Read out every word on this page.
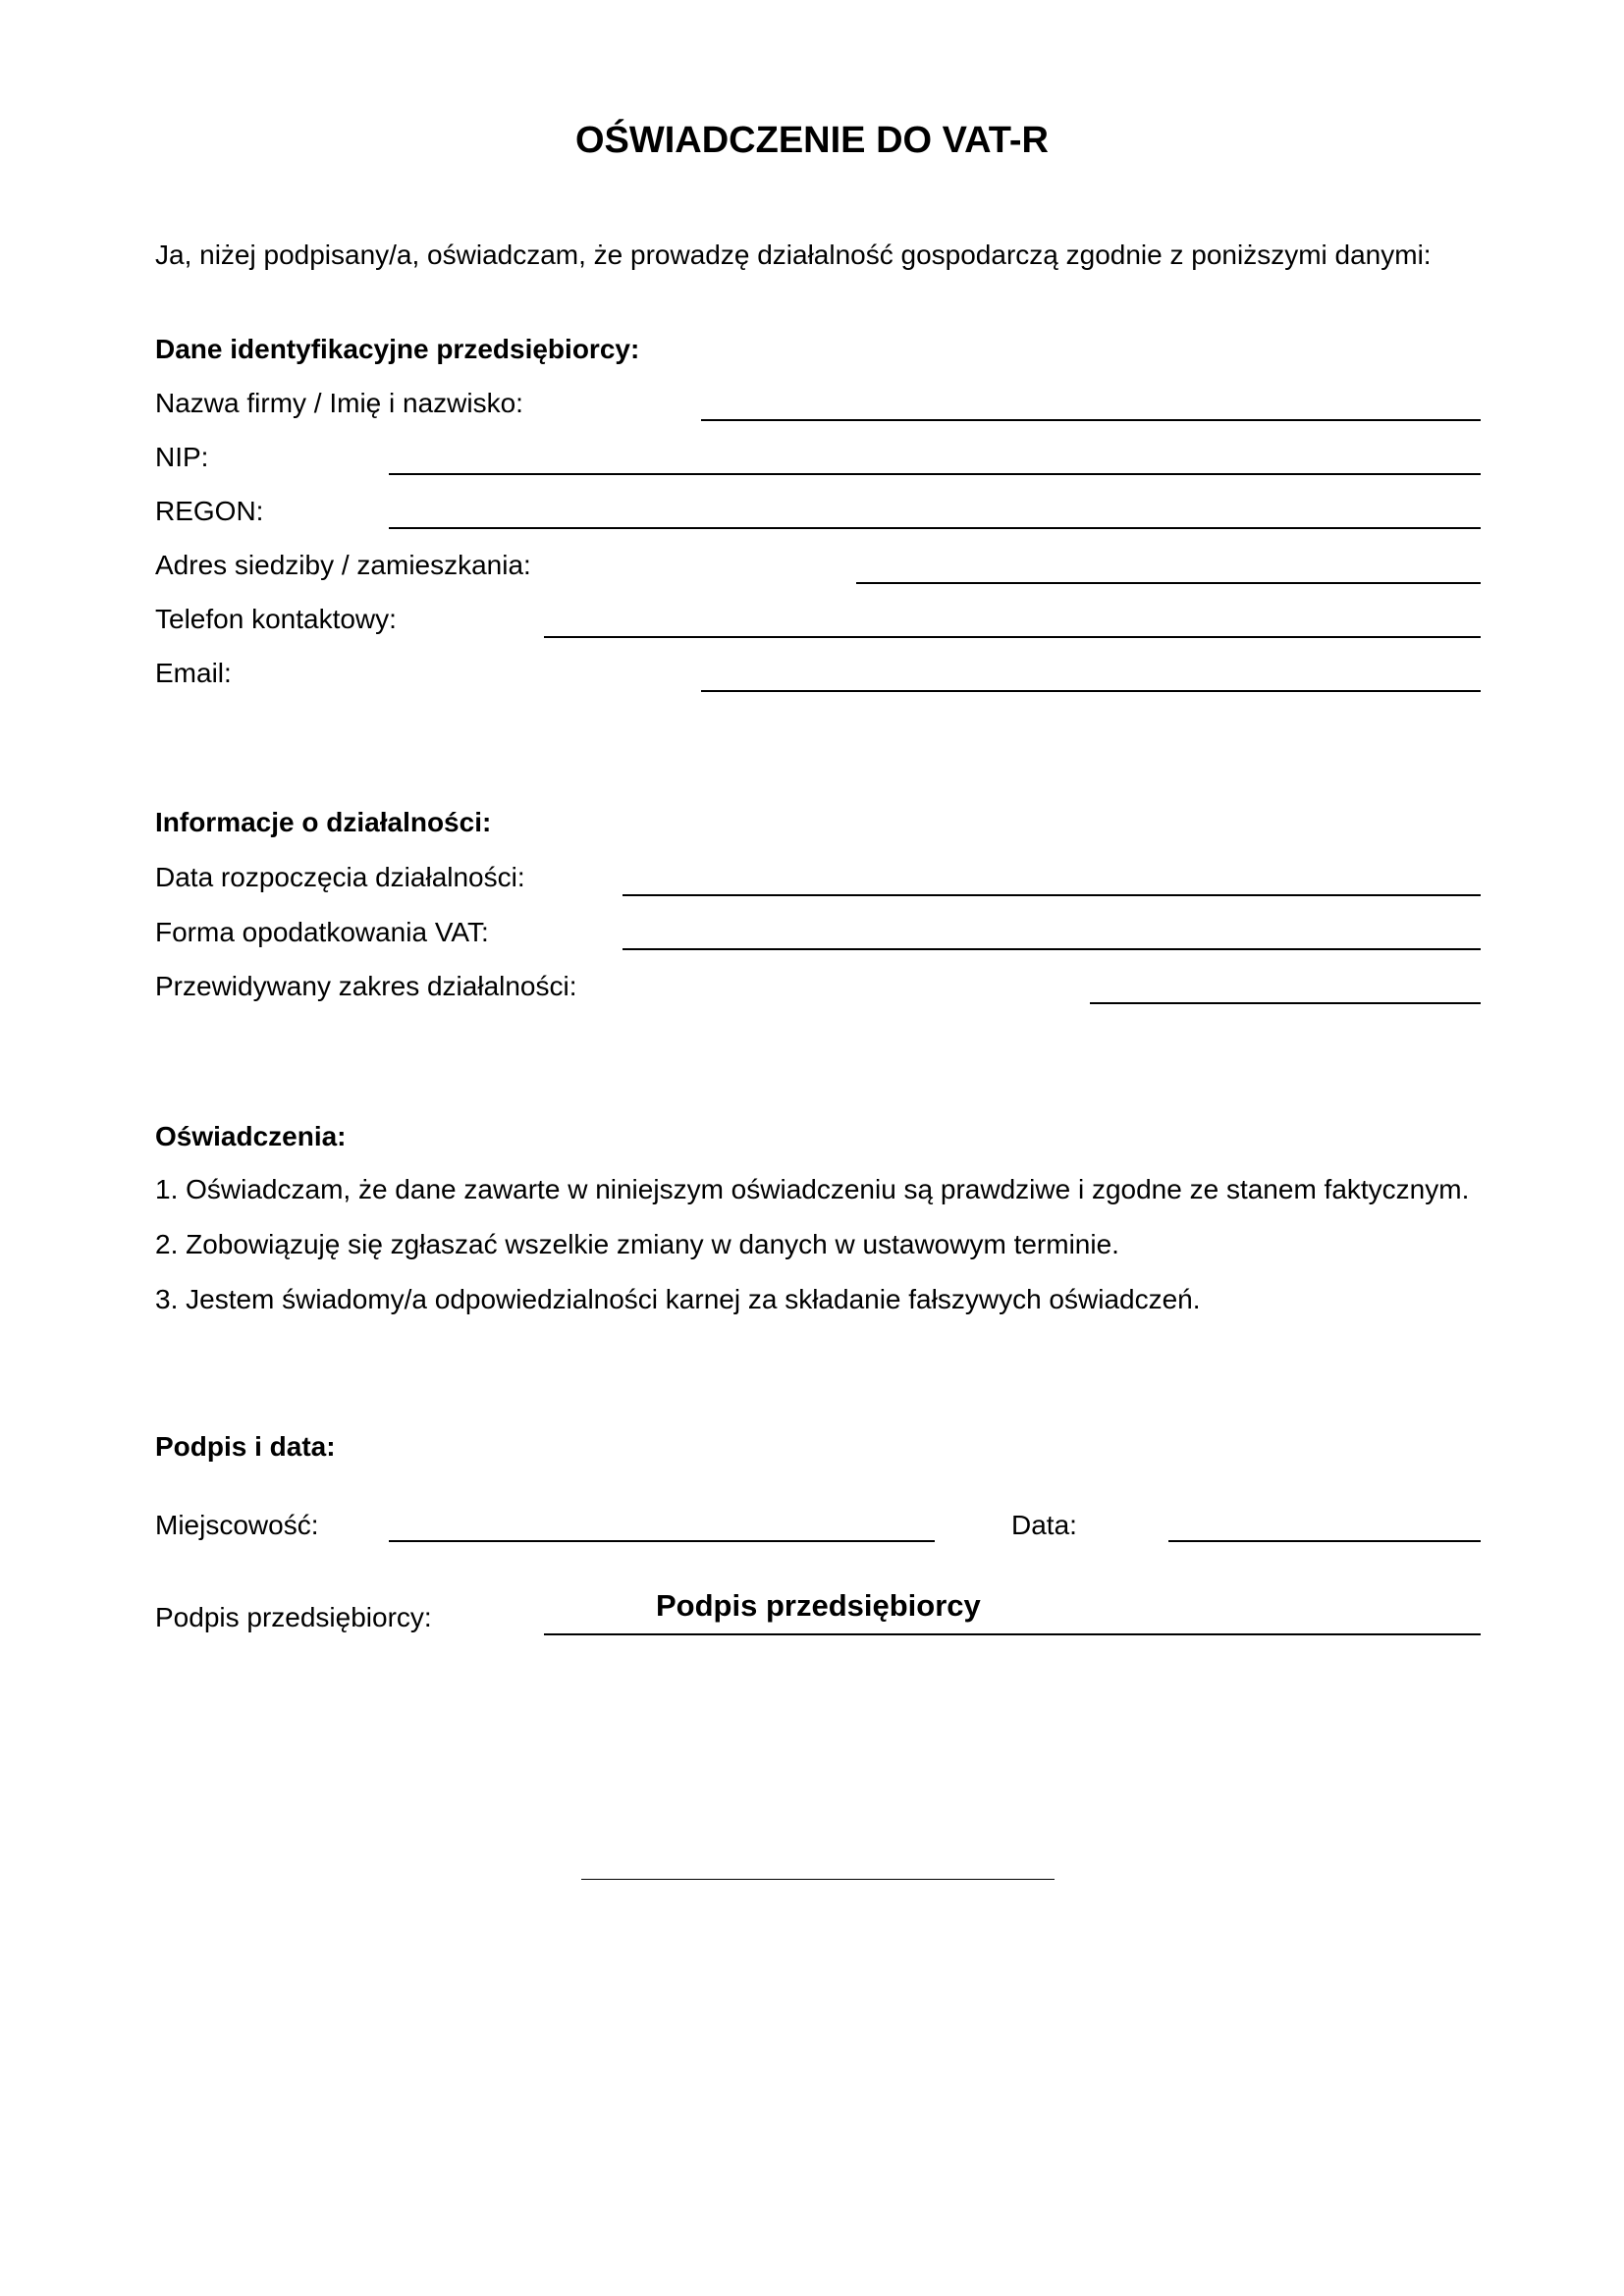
OŚWIADCZENIE DO VAT-R
Ja, niżej podpisany/a, oświadczam, że prowadzę działalność gospodarczą zgodnie z poniższymi danymi:
Dane identyfikacyjne przedsiębiorcy:
Nazwa firmy / Imię i nazwisko:
NIP:
REGON:
Adres siedziby / zamieszkania:
Telefon kontaktowy:
Email:
Informacje o działalności:
Data rozpoczęcia działalności:
Forma opodatkowania VAT:
Przewidywany zakres działalności:
Oświadczenia:
1. Oświadczam, że dane zawarte w niniejszym oświadczeniu są prawdziwe i zgodne ze stanem faktycznym.
2. Zobowiązuję się zgłaszać wszelkie zmiany w danych w ustawowym terminie.
3. Jestem świadomy/a odpowiedzialności karnej za składanie fałszywych oświadczeń.
Podpis i data:
Miejscowość:	Data:
Podpis przedsiębiorcy:	Podpis przedsiębiorcy
